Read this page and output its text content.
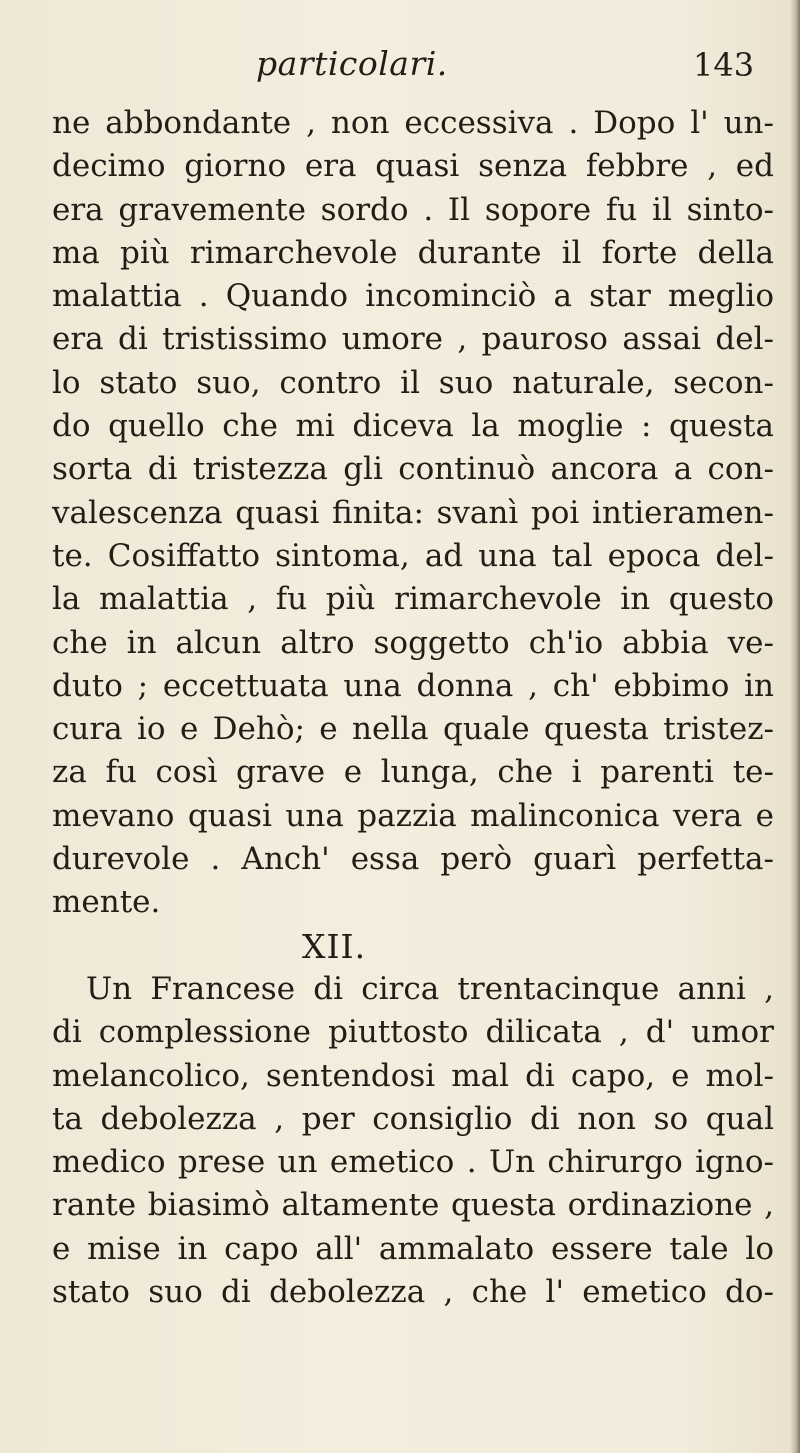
particolari.	143
ne abbondante , non eccessiva . Dopo l' un-
decimo giorno era quasi senza febbre , ed
era gravemente sordo . Il sopore fu il sinto-
ma più rimarchevole durante il forte della
malattia . Quando incominciò a star meglio
era di tristissimo umore , pauroso assai del-
lo stato suo, contro il suo naturale, secon-
do quello che mi diceva la moglie : questa
sorta di tristezza gli continuò ancora a con-
valescenza quasi finita: svanì poi intieramen-
te. Cosiffatto sintoma, ad una tal epoca del-
la malattia , fu più rimarchevole in questo
che in alcun altro soggetto ch'io abbia ve-
duto ; eccettuata una donna , ch' ebbimo in
cura io e Dehò; e nella quale questa tristez-
za fu così grave e lunga, che i parenti te-
mevano quasi una pazzia malinconica vera e
durevole . Anch' essa però guarì perfetta-
mente.
XII.
Un Francese di circa trentacinque anni ,
di complessione piuttosto dilicata , d' umor
melancolico, sentendosi mal di capo, e mol-
ta debolezza , per consiglio di non so qual
medico prese un emetico . Un chirurgo igno-
rante biasimò altamente questa ordinazione ,
e mise in capo all' ammalato essere tale lo
stato suo di debolezza , che l' emetico do-
